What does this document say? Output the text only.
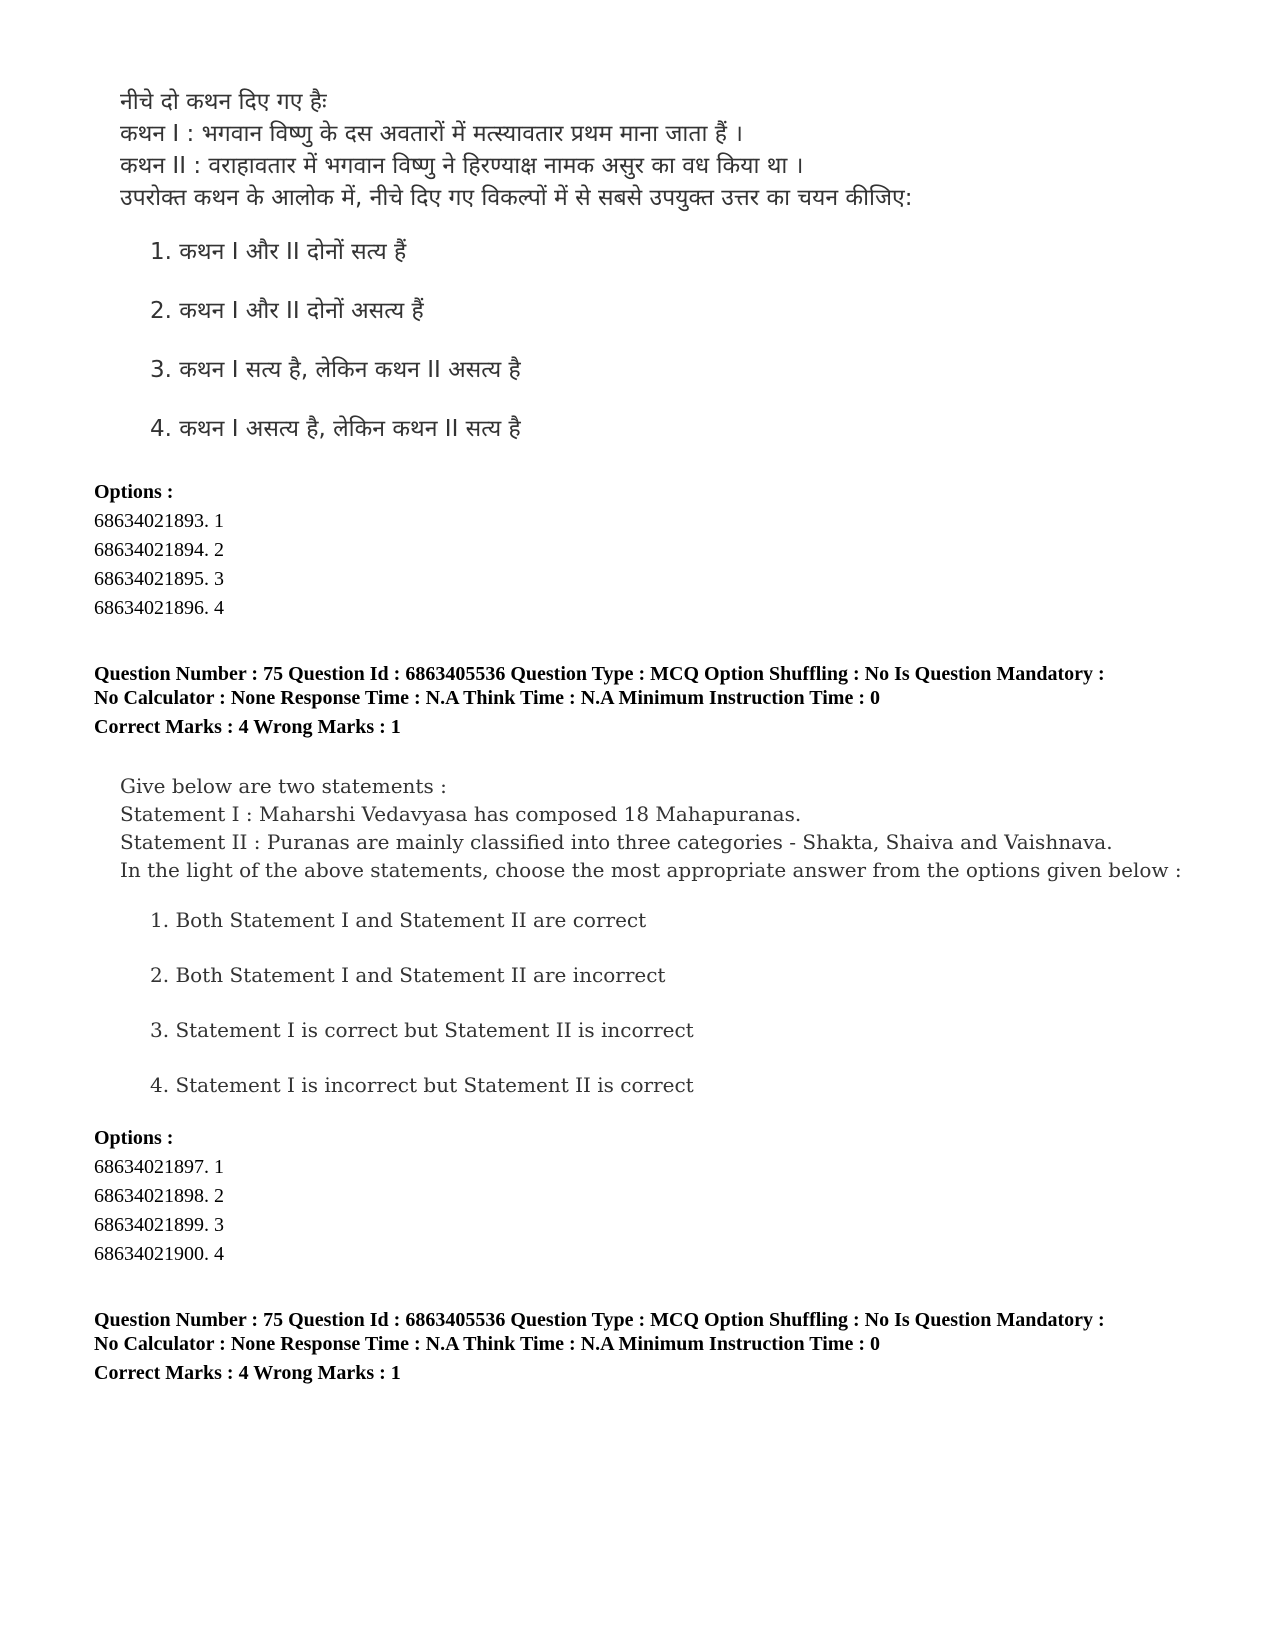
नीचे दो कथन दिए गए हैः
कथन I : भगवान विष्णु के दस अवतारों में मत्स्यावतार प्रथम माना जाता हैं ।
कथन II : वराहावतार में भगवान विष्णु ने हिरण्याक्ष नामक असुर का वध किया था ।
उपरोक्त कथन के आलोक में, नीचे दिए गए विकल्पों में से सबसे उपयुक्त उत्तर का चयन कीजिए:
1. कथन I और II दोनों सत्य हैं
2. कथन I और II दोनों असत्य हैं
3. कथन I सत्य है, लेकिन कथन II असत्य है
4. कथन I असत्य है, लेकिन कथन II सत्य है
Options :
68634021893. 1
68634021894. 2
68634021895. 3
68634021896. 4
Question Number : 75 Question Id : 6863405536 Question Type : MCQ Option Shuffling : No Is Question Mandatory :
No Calculator : None Response Time : N.A Think Time : N.A Minimum Instruction Time : 0
Correct Marks : 4 Wrong Marks : 1
Give below are two statements :
Statement I : Maharshi Vedavyasa has composed 18 Mahapuranas.
Statement II : Puranas are mainly classified into three categories - Shakta, Shaiva and Vaishnava.
In the light of the above statements, choose the most appropriate answer from the options given below :
1. Both Statement I and Statement II are correct
2. Both Statement I and Statement II are incorrect
3. Statement I is correct but Statement II is incorrect
4. Statement I is incorrect but Statement II is correct
Options :
68634021897. 1
68634021898. 2
68634021899. 3
68634021900. 4
Question Number : 75 Question Id : 6863405536 Question Type : MCQ Option Shuffling : No Is Question Mandatory :
No Calculator : None Response Time : N.A Think Time : N.A Minimum Instruction Time : 0
Correct Marks : 4 Wrong Marks : 1
